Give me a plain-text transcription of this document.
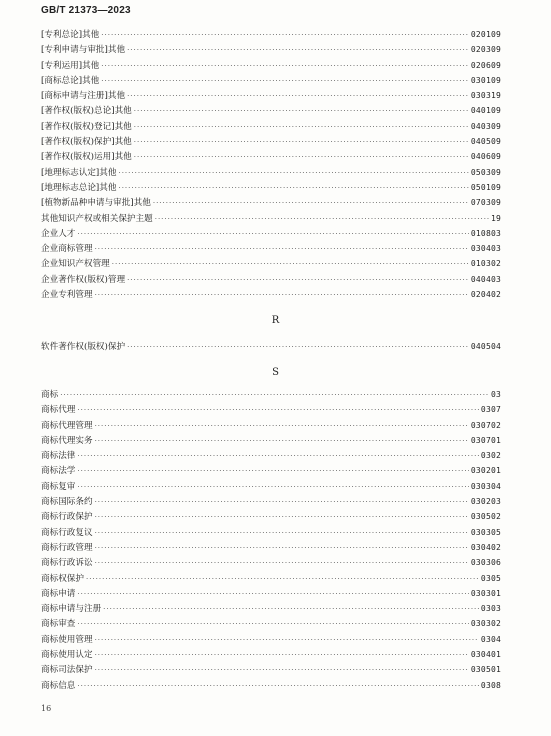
GB/T 21373—2023
[专利总论]其他 ·····	020109
[专利申请与审批]其他 ·····	020309
[专利运用]其他 ·····	020609
[商标总论]其他 ·····	030109
[商标申请与注册]其他 ·····	030319
[著作权(版权)总论]其他 ·····	040109
[著作权(版权)登记]其他 ·····	040309
[著作权(版权)保护]其他 ·····	040509
[著作权(版权)运用]其他 ·····	040609
[地理标志认定]其他 ·····	050309
[地理标志总论]其他 ·····	050109
[植物新品种申请与审批]其他 ·····	070309
其他知识产权或相关保护主题 ·····	19
企业人才 ·····	010803
企业商标管理 ·····	030403
企业知识产权管理 ·····	010302
企业著作权(版权)管理 ·····	040403
企业专利管理 ·····	020402
R
软件著作权(版权)保护 ·····	040504
S
商标 ·····	03
商标代理 ·····	0307
商标代理管理 ·····	030702
商标代理实务 ·····	030701
商标法律 ·····	0302
商标法学 ·····	030201
商标复审 ·····	030304
商标国际条约 ·····	030203
商标行政保护 ·····	030502
商标行政复议 ·····	030305
商标行政管理 ·····	030402
商标行政诉讼 ·····	030306
商标权保护 ·····	0305
商标申请 ·····	030301
商标申请与注册 ·····	0303
商标审查 ·····	030302
商标使用管理 ·····	0304
商标使用认定 ·····	030401
商标司法保护 ·····	030501
商标信息 ·····	0308
16
